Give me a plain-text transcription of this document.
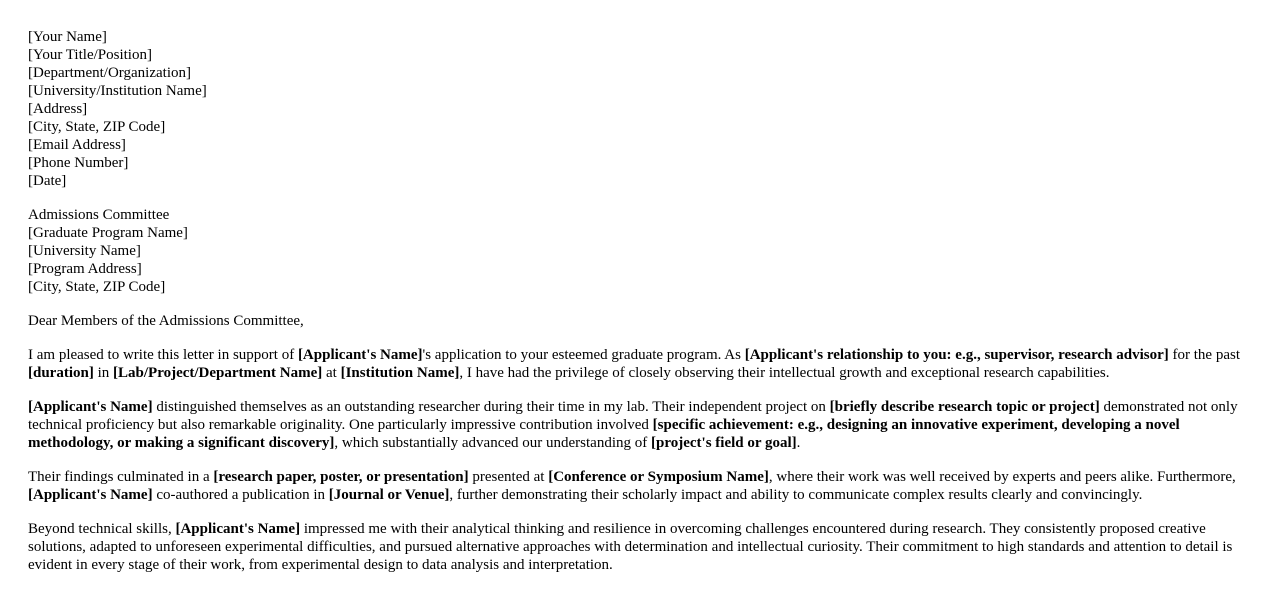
[Your Name]
[Your Title/Position]
[Department/Organization]
[University/Institution Name]
[Address]
[City, State, ZIP Code]
[Email Address]
[Phone Number]
[Date]
Admissions Committee
[Graduate Program Name]
[University Name]
[Program Address]
[City, State, ZIP Code]

Dear Members of the Admissions Committee,

I am pleased to write this letter in support of [Applicant's Name]'s application to your esteemed graduate program. As [Applicant's relationship to you: e.g., supervisor, research advisor] for the past [duration] in [Lab/Project/Department Name] at [Institution Name], I have had the privilege of closely observing their intellectual growth and exceptional research capabilities.

[Applicant's Name] distinguished themselves as an outstanding researcher during their time in my lab. Their independent project on [briefly describe research topic or project] demonstrated not only technical proficiency but also remarkable originality. One particularly impressive contribution involved [specific achievement: e.g., designing an innovative experiment, developing a novel methodology, or making a significant discovery], which substantially advanced our understanding of [project's field or goal].

Their findings culminated in a [research paper, poster, or presentation] presented at [Conference or Symposium Name], where their work was well received by experts and peers alike. Furthermore, [Applicant's Name] co-authored a publication in [Journal or Venue], further demonstrating their scholarly impact and ability to communicate complex results clearly and convincingly.

Beyond technical skills, [Applicant's Name] impressed me with their analytical thinking and resilience in overcoming challenges encountered during research. They consistently proposed creative solutions, adapted to unforeseen experimental difficulties, and pursued alternative approaches with determination and intellectual curiosity. Their commitment to high standards and attention to detail is evident in every stage of their work, from experimental design to data analysis and interpretation.
